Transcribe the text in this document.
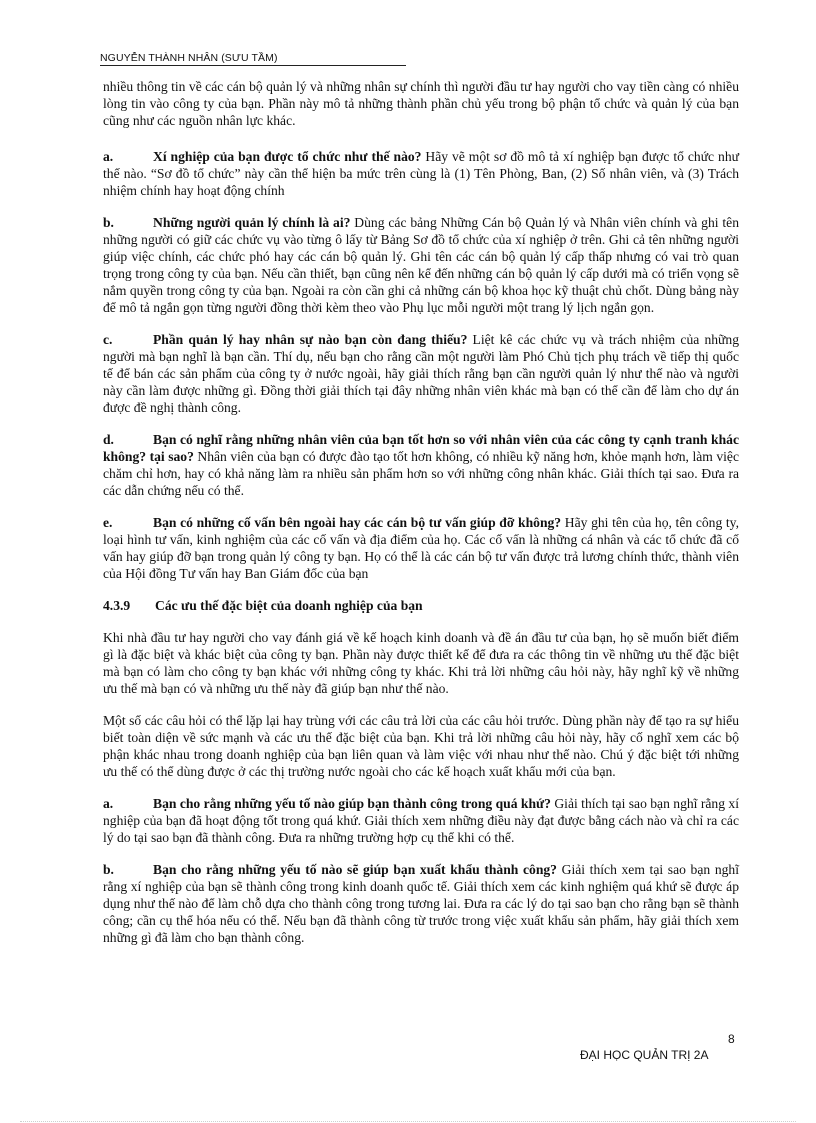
NGUYỄN THÀNH NHÂN (SƯU TẦM)

nhiều thông tin về các cán bộ quản lý và những nhân sự chính thì người đầu tư hay người cho vay tiền càng có nhiều lòng tin vào công ty của bạn. Phần này mô tả những thành phần chủ yếu trong bộ phận tổ chức và quản lý của bạn cũng như các nguồn nhân lực khác.

a.	Xí nghiệp của bạn được tổ chức như thế nào? Hãy vẽ một sơ đồ mô tả xí nghiệp bạn được tổ chức như thế nào. “Sơ đồ tổ chức” này cần thể hiện ba mức trên cùng là (1) Tên Phòng, Ban, (2) Số nhân viên, và (3) Trách nhiệm chính hay hoạt động chính

b.	Những người quản lý chính là ai? Dùng các bảng Những Cán bộ Quản lý và Nhân viên chính và ghi tên những người có giữ các chức vụ vào từng ô lấy từ Bảng Sơ đồ tổ chức của xí nghiệp ở trên. Ghi cả tên những người giúp việc chính, các chức phó hay các cán bộ quản lý. Ghi tên các cán bộ quản lý cấp thấp nhưng có vai trò quan trọng trong công ty của bạn. Nếu cần thiết, bạn cũng nên kể đến những cán bộ quản lý cấp dưới mà có triển vọng sẽ nắm quyền trong công ty của bạn. Ngoài ra còn cần ghi cả những cán bộ khoa học kỹ thuật chủ chốt. Dùng bảng này để mô tả ngắn gọn từng người đồng thời kèm theo vào Phụ lục mỗi người một trang lý lịch ngắn gọn.

c.	Phần quản lý hay nhân sự nào bạn còn đang thiếu? Liệt kê các chức vụ và trách nhiệm của những người mà bạn nghĩ là bạn cần. Thí dụ, nếu bạn cho rằng cần một người làm Phó Chủ tịch phụ trách về tiếp thị quốc tế để bán các sản phẩm của công ty ở nước ngoài, hãy giải thích rằng bạn cần người quản lý như thế nào và người này cần làm được những gì. Đồng thời giải thích tại đây những nhân viên khác mà bạn có thể cần để làm cho dự án được đề nghị thành công.

d.	Bạn có nghĩ rằng những nhân viên của bạn tốt hơn so với nhân viên của các công ty cạnh tranh khác không? tại sao? Nhân viên của bạn có được đào tạo tốt hơn không, có nhiều kỹ năng hơn, khỏe mạnh hơn, làm việc chăm chỉ hơn, hay có khả năng làm ra nhiều sản phẩm hơn so với những công nhân khác. Giải thích tại sao. Đưa ra các dẫn chứng nếu có thể.

e.	Bạn có những cố vấn bên ngoài hay các cán bộ tư vấn giúp đỡ không? Hãy ghi tên của họ, tên công ty, loại hình tư vấn, kinh nghiệm của các cố vấn và địa điểm của họ. Các cố vấn là những cá nhân và các tổ chức đã cố vấn hay giúp đỡ bạn trong quản lý công ty bạn. Họ có thể là các cán bộ tư vấn được trả lương chính thức, thành viên của Hội đồng Tư vấn hay Ban Giám đốc của bạn

4.3.9 Các ưu thế đặc biệt của doanh nghiệp của bạn

Khi nhà đầu tư hay người cho vay đánh giá về kế hoạch kinh doanh và đề án đầu tư của bạn, họ sẽ muốn biết điểm gì là đặc biệt và khác biệt của công ty bạn. Phần này được thiết kế để đưa ra các thông tin về những ưu thế đặc biệt mà bạn có làm cho công ty bạn khác với những công ty khác. Khi trả lời những câu hỏi này, hãy nghĩ kỹ về những ưu thế mà bạn có và những ưu thế này đã giúp bạn như thế nào.

Một số các câu hỏi có thể lặp lại hay trùng với các câu trả lời của các câu hỏi trước. Dùng phần này để tạo ra sự hiểu biết toàn diện về sức mạnh và các ưu thế đặc biệt của bạn. Khi trả lời những câu hỏi này, hãy cố nghĩ xem các bộ phận khác nhau trong doanh nghiệp của bạn liên quan và làm việc với nhau như thế nào. Chú ý đặc biệt tới những ưu thế có thể dùng được ở các thị trường nước ngoài cho các kế hoạch xuất khẩu mới của bạn.

a.	Bạn cho rằng những yếu tố nào giúp bạn thành công trong quá khứ? Giải thích tại sao bạn nghĩ rằng xí nghiệp của bạn đã hoạt động tốt trong quá khứ. Giải thích xem những điều này đạt được bằng cách nào và chỉ ra các lý do tại sao bạn đã thành công. Đưa ra những trường hợp cụ thể khi có thể.

b.	Bạn cho rằng những yếu tố nào sẽ giúp bạn xuất khẩu thành công? Giải thích xem tại sao bạn nghĩ rằng xí nghiệp của bạn sẽ thành công trong kinh doanh quốc tế. Giải thích xem các kinh nghiệm quá khứ sẽ được áp dụng như thế nào để làm chỗ dựa cho thành công trong tương lai. Đưa ra các lý do tại sao bạn cho rằng bạn sẽ thành công; cần cụ thể hóa nếu có thể. Nếu bạn đã thành công từ trước trong việc xuất khẩu sản phẩm, hãy giải thích xem những gì đã làm cho bạn thành công.

8
ĐẠI HỌC QUẢN TRỊ 2A
